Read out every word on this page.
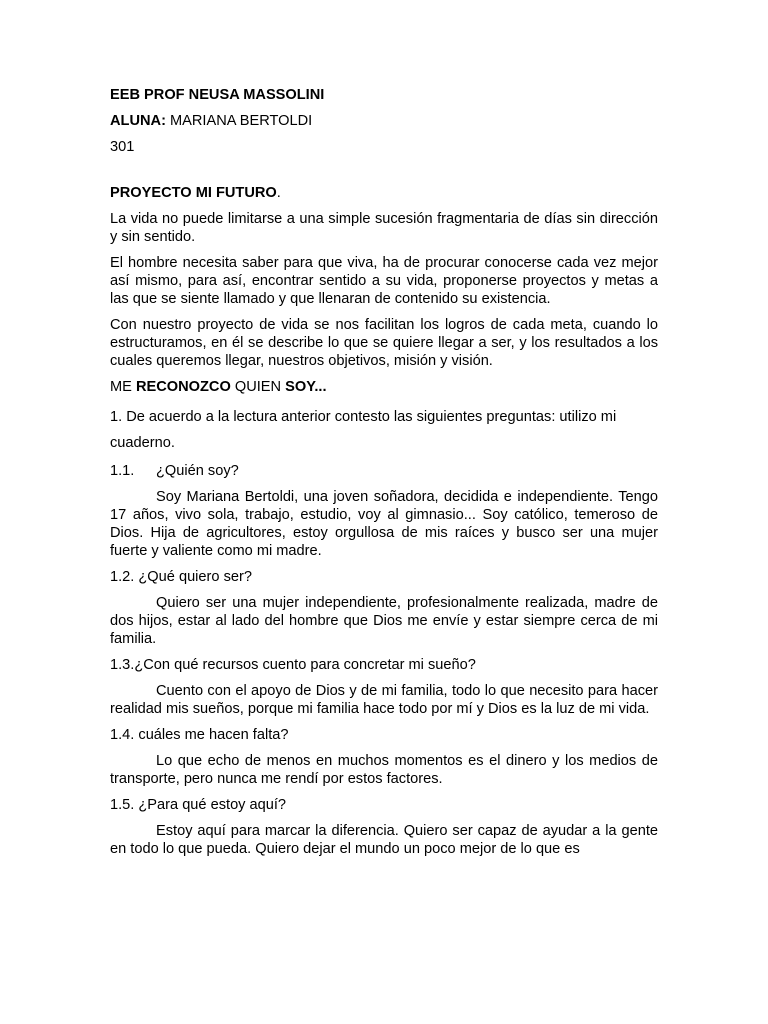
EEB PROF NEUSA MASSOLINI

ALUNA: MARIANA BERTOLDI

301

PROYECTO MI FUTURO.

La vida no puede limitarse a una simple sucesión fragmentaria de días sin dirección y sin sentido.

El hombre necesita saber para que viva, ha de procurar conocerse cada vez mejor así mismo, para así, encontrar sentido a su vida, proponerse proyectos y metas a las que se siente llamado y que llenaran de contenido su existencia.

Con nuestro proyecto de vida se nos facilitan los logros de cada meta, cuando lo estructuramos, en él se describe lo que se quiere llegar a ser, y los resultados a los cuales queremos llegar, nuestros objetivos, misión y visión.

ME RECONOZCO QUIEN SOY...

1. De acuerdo a la lectura anterior contesto las siguientes preguntas: utilizo mi cuaderno.

1.1. ¿Quién soy?

Soy Mariana Bertoldi, una joven soñadora, decidida e independiente. Tengo 17 años, vivo sola, trabajo, estudio, voy al gimnasio... Soy católico, temeroso de Dios. Hija de agricultores, estoy orgullosa de mis raíces y busco ser una mujer fuerte y valiente como mi madre.

1.2. ¿Qué quiero ser?

Quiero ser una mujer independiente, profesionalmente realizada, madre de dos hijos, estar al lado del hombre que Dios me envíe y estar siempre cerca de mi familia.

1.3.¿Con qué recursos cuento para concretar mi sueño?

Cuento con el apoyo de Dios y de mi familia, todo lo que necesito para hacer realidad mis sueños, porque mi familia hace todo por mí y Dios es la luz de mi vida.

1.4. cuáles me hacen falta?

Lo que echo de menos en muchos momentos es el dinero y los medios de transporte, pero nunca me rendí por estos factores.

1.5. ¿Para qué estoy aquí?

Estoy aquí para marcar la diferencia. Quiero ser capaz de ayudar a la gente en todo lo que pueda. Quiero dejar el mundo un poco mejor de lo que es
